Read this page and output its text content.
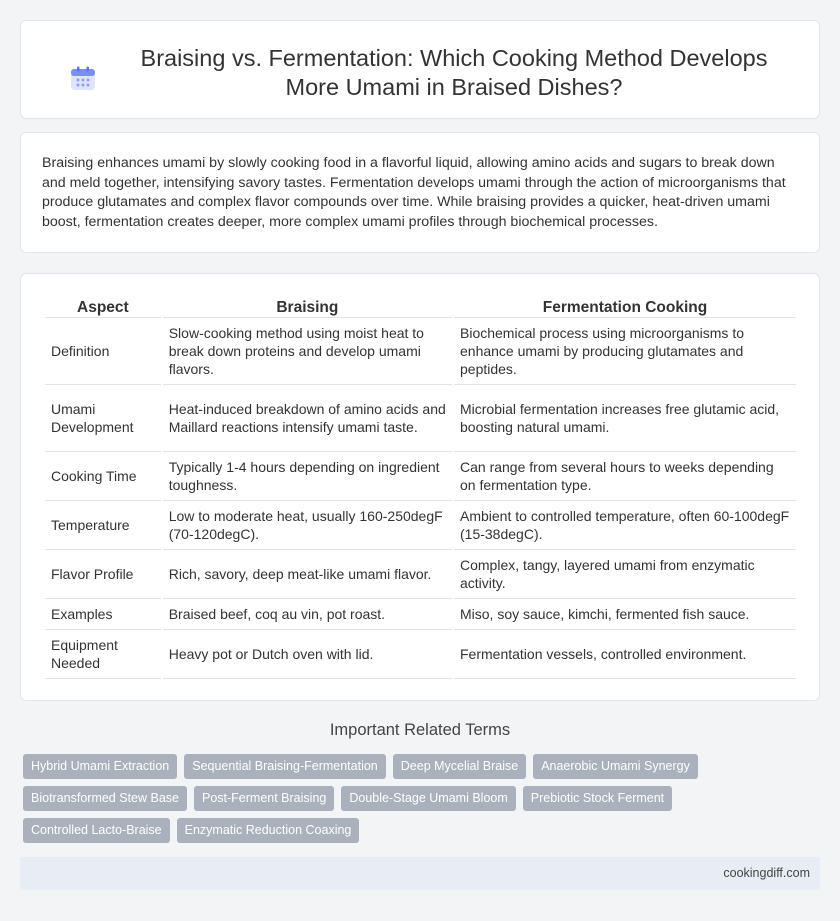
Braising vs. Fermentation: Which Cooking Method Develops More Umami in Braised Dishes?

Braising enhances umami by slowly cooking food in a flavorful liquid, allowing amino acids and sugars to break down and meld together, intensifying savory tastes. Fermentation develops umami through the action of microorganisms that produce glutamates and complex flavor compounds over time. While braising provides a quicker, heat-driven umami boost, fermentation creates deeper, more complex umami profiles through biochemical processes.

Aspect	Braising	Fermentation Cooking
Definition	Slow-cooking method using moist heat to break down proteins and develop umami flavors.	Biochemical process using microorganisms to enhance umami by producing glutamates and peptides.
Umami Development	Heat-induced breakdown of amino acids and Maillard reactions intensify umami taste.	Microbial fermentation increases free glutamic acid, boosting natural umami.
Cooking Time	Typically 1-4 hours depending on ingredient toughness.	Can range from several hours to weeks depending on fermentation type.
Temperature	Low to moderate heat, usually 160-250degF (70-120degC).	Ambient to controlled temperature, often 60-100degF (15-38degC).
Flavor Profile	Rich, savory, deep meat-like umami flavor.	Complex, tangy, layered umami from enzymatic activity.
Examples	Braised beef, coq au vin, pot roast.	Miso, soy sauce, kimchi, fermented fish sauce.
Equipment Needed	Heavy pot or Dutch oven with lid.	Fermentation vessels, controlled environment.
Important Related Terms
Hybrid Umami Extraction	Sequential Braising-Fermentation	Deep Mycelial Braise	Anaerobic Umami Synergy
Biotransformed Stew Base	Post-Ferment Braising	Double-Stage Umami Bloom	Prebiotic Stock Ferment
Controlled Lacto-Braise	Enzymatic Reduction Coaxing
cookingdiff.com
